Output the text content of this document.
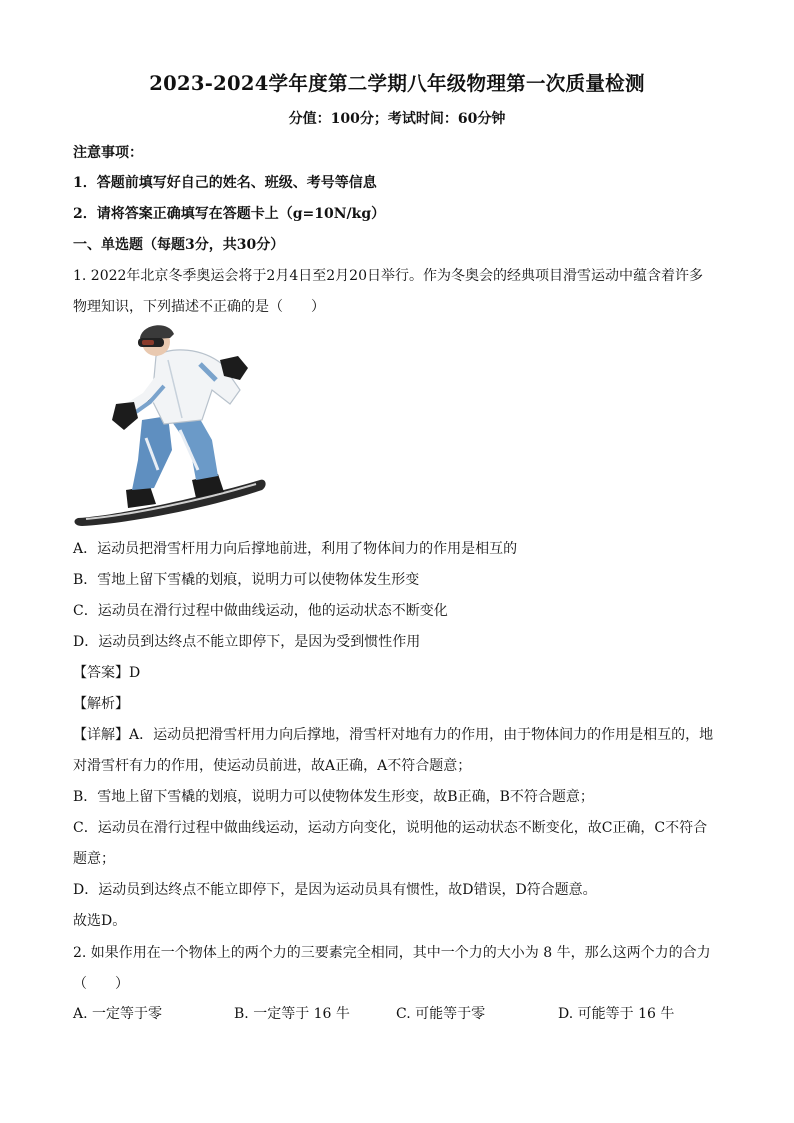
2023-2024学年度第二学期八年级物理第一次质量检测
分值：100分；考试时间：60分钟
注意事项：
1．答题前填写好自己的姓名、班级、考号等信息
2．请将答案正确填写在答题卡上（g=10N/kg）
一、单选题（每题3分，共30分）
1. 2022年北京冬季奥运会将于2月4日至2月20日举行。作为冬奥会的经典项目滑雪运动中蕴含着许多
物理知识，下列描述不正确的是（　　）
A．运动员把滑雪杆用力向后撑地前进，利用了物体间力的作用是相互的
B．雪地上留下雪橇的划痕，说明力可以使物体发生形变
C．运动员在滑行过程中做曲线运动，他的运动状态不断变化
D．运动员到达终点不能立即停下，是因为受到惯性作用
【答案】D
【解析】
【详解】A．运动员把滑雪杆用力向后撑地，滑雪杆对地有力的作用，由于物体间力的作用是相互的，地
对滑雪杆有力的作用，使运动员前进，故A正确，A不符合题意；
B．雪地上留下雪橇的划痕，说明力可以使物体发生形变，故B正确，B不符合题意；
C．运动员在滑行过程中做曲线运动，运动方向变化，说明他的运动状态不断变化，故C正确，C不符合
题意；
D．运动员到达终点不能立即停下，是因为运动员具有惯性，故D错误，D符合题意。
故选D。
2. 如果作用在一个物体上的两个力的三要素完全相同，其中一个力的大小为 8 牛，那么这两个力的合力
（　　）
A. 一定等于零	B. 一定等于 16 牛	C. 可能等于零	D. 可能等于 16 牛
